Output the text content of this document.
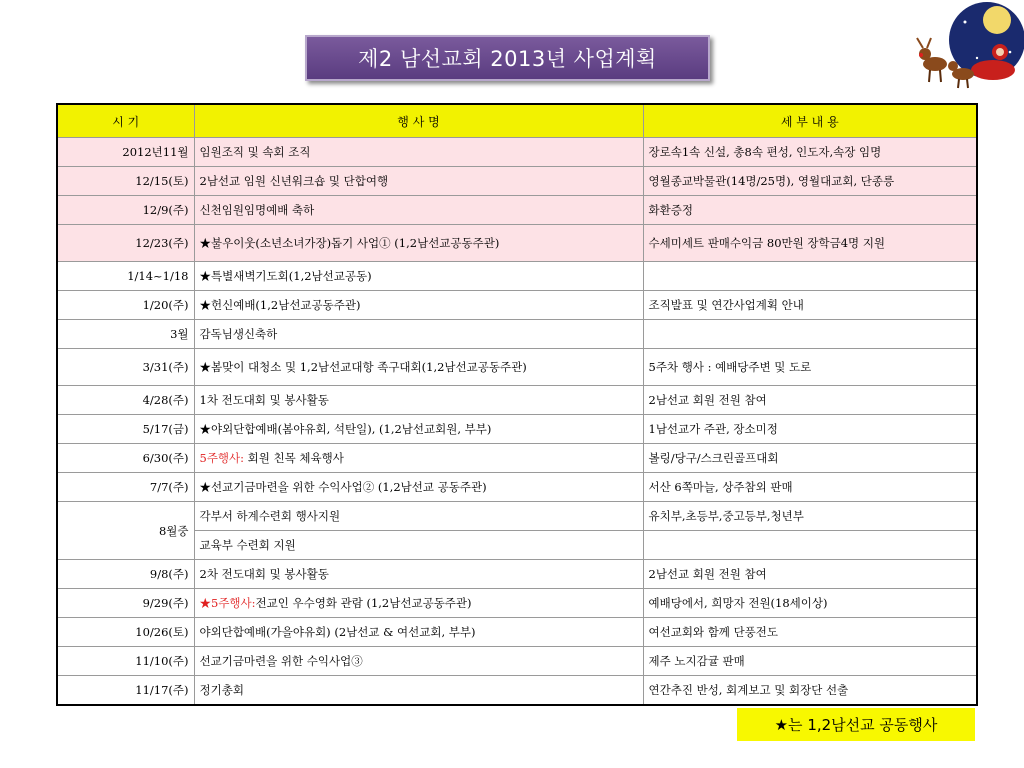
제2 남선교회 2013년 사업계획
시 기	행 사 명	세 부 내 용
2012년11월	임원조직 및 속회 조직	장로속1속 신설, 총8속 편성, 인도자,속장 임명
12/15(토)	2남선교 임원 신년워크숍 및 단합여행	영월종교박물관(14명/25명), 영월대교회, 단종릉
12/9(주)	신천임원임명예배 축하	화환증정
12/23(주)	★불우이웃(소년소녀가장)돕기 사업① (1,2남선교공동주관)	수세미세트 판매수익금 80만원 장학금4명 지원
1/14~1/18	★특별새벽기도회(1,2남선교공동)	
1/20(주)	★헌신예배(1,2남선교공동주관)	조직발표 및 연간사업계획 안내
3월	감독님생신축하	
3/31(주)	★봄맞이 대청소 및 1,2남선교대항 족구대회(1,2남선교공동주관)	5주차 행사 : 예배당주변 및 도로
4/28(주)	1차 전도대회 및 봉사활동	2남선교 회원 전원 참여
5/17(금)	★야외단합예배(봄야유회, 석탄일), (1,2남선교회원, 부부)	1남선교가 주관, 장소미정
6/30(주)	5주행사: 회원 친목 체육행사	볼링/당구/스크린골프대회
7/7(주)	★선교기금마련을 위한 수익사업② (1,2남선교 공동주관)	서산 6쪽마늘, 상주참외 판매
8월중	각부서 하계수련회 행사지원	유치부,초등부,중고등부,청년부
	교육부 수련회 지원	
9/8(주)	2차 전도대회 및 봉사활동	2남선교 회원 전원 참여
9/29(주)	★5주행사:전교인 우수영화 관람 (1,2남선교공동주관)	예배당에서, 희망자 전원(18세이상)
10/26(토)	야외단합예배(가을야유회) (2남선교 & 여선교회, 부부)	여선교회와 함께 단풍전도
11/10(주)	선교기금마련을 위한 수익사업③	제주 노지감귤 판매
11/17(주)	정기총회	연간추진 반성, 회계보고 및 회장단 선출
★는 1,2남선교 공동행사
